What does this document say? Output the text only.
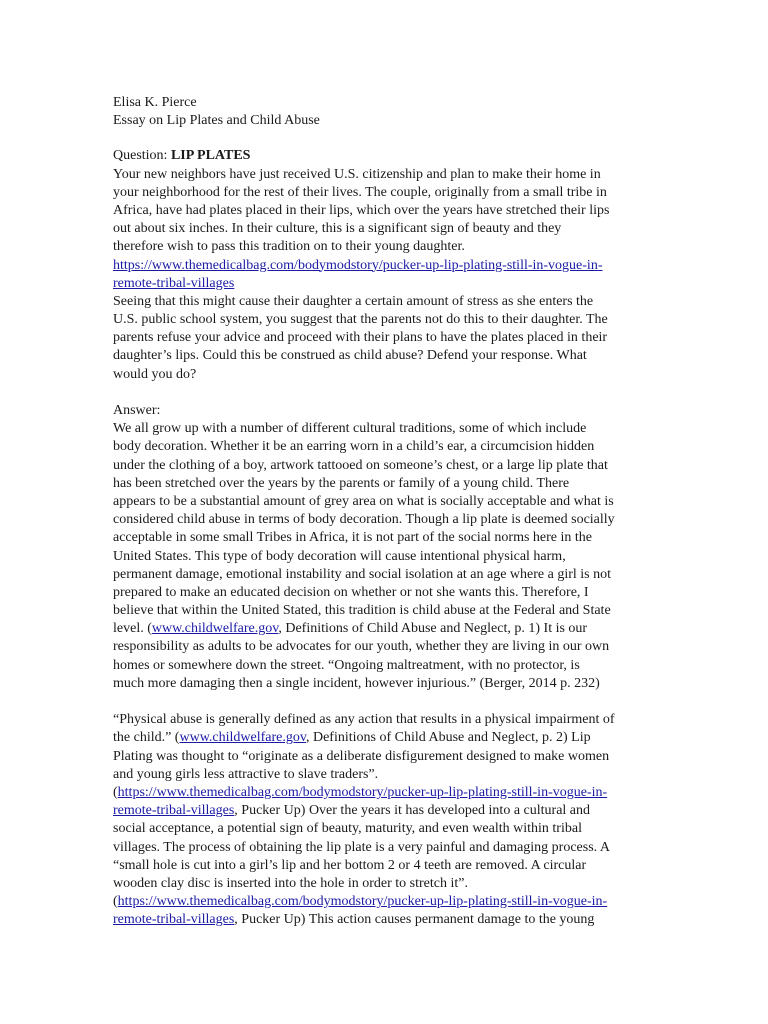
Elisa K. Pierce
Essay on Lip Plates and Child Abuse
Question: LIP PLATES
Your new neighbors have just received U.S. citizenship and plan to make their home in
your neighborhood for the rest of their lives. The couple, originally from a small tribe in
Africa, have had plates placed in their lips, which over the years have stretched their lips
out about six inches. In their culture, this is a significant sign of beauty and they
therefore wish to pass this tradition on to their young daughter.
https://www.themedicalbag.com/bodymodstory/pucker-up-lip-plating-still-in-vogue-in-
remote-tribal-villages
Seeing that this might cause their daughter a certain amount of stress as she enters the
U.S. public school system, you suggest that the parents not do this to their daughter. The
parents refuse your advice and proceed with their plans to have the plates placed in their
daughter’s lips. Could this be construed as child abuse? Defend your response. What
would you do?
Answer:
We all grow up with a number of different cultural traditions, some of which include
body decoration. Whether it be an earring worn in a child’s ear, a circumcision hidden
under the clothing of a boy, artwork tattooed on someone’s chest, or a large lip plate that
has been stretched over the years by the parents or family of a young child. There
appears to be a substantial amount of grey area on what is socially acceptable and what is
considered child abuse in terms of body decoration. Though a lip plate is deemed socially
acceptable in some small Tribes in Africa, it is not part of the social norms here in the
United States. This type of body decoration will cause intentional physical harm,
permanent damage, emotional instability and social isolation at an age where a girl is not
prepared to make an educated decision on whether or not she wants this. Therefore, I
believe that within the United Stated, this tradition is child abuse at the Federal and State
level. (www.childwelfare.gov, Definitions of Child Abuse and Neglect, p. 1) It is our
responsibility as adults to be advocates for our youth, whether they are living in our own
homes or somewhere down the street. “Ongoing maltreatment, with no protector, is
much more damaging then a single incident, however injurious.” (Berger, 2014 p. 232)
“Physical abuse is generally defined as any action that results in a physical impairment of
the child.” (www.childwelfare.gov, Definitions of Child Abuse and Neglect, p. 2) Lip
Plating was thought to “originate as a deliberate disfigurement designed to make women
and young girls less attractive to slave traders”.
(https://www.themedicalbag.com/bodymodstory/pucker-up-lip-plating-still-in-vogue-in-
remote-tribal-villages, Pucker Up) Over the years it has developed into a cultural and
social acceptance, a potential sign of beauty, maturity, and even wealth within tribal
villages. The process of obtaining the lip plate is a very painful and damaging process. A
“small hole is cut into a girl’s lip and her bottom 2 or 4 teeth are removed. A circular
wooden clay disc is inserted into the hole in order to stretch it”.
(https://www.themedicalbag.com/bodymodstory/pucker-up-lip-plating-still-in-vogue-in-
remote-tribal-villages, Pucker Up) This action causes permanent damage to the young
